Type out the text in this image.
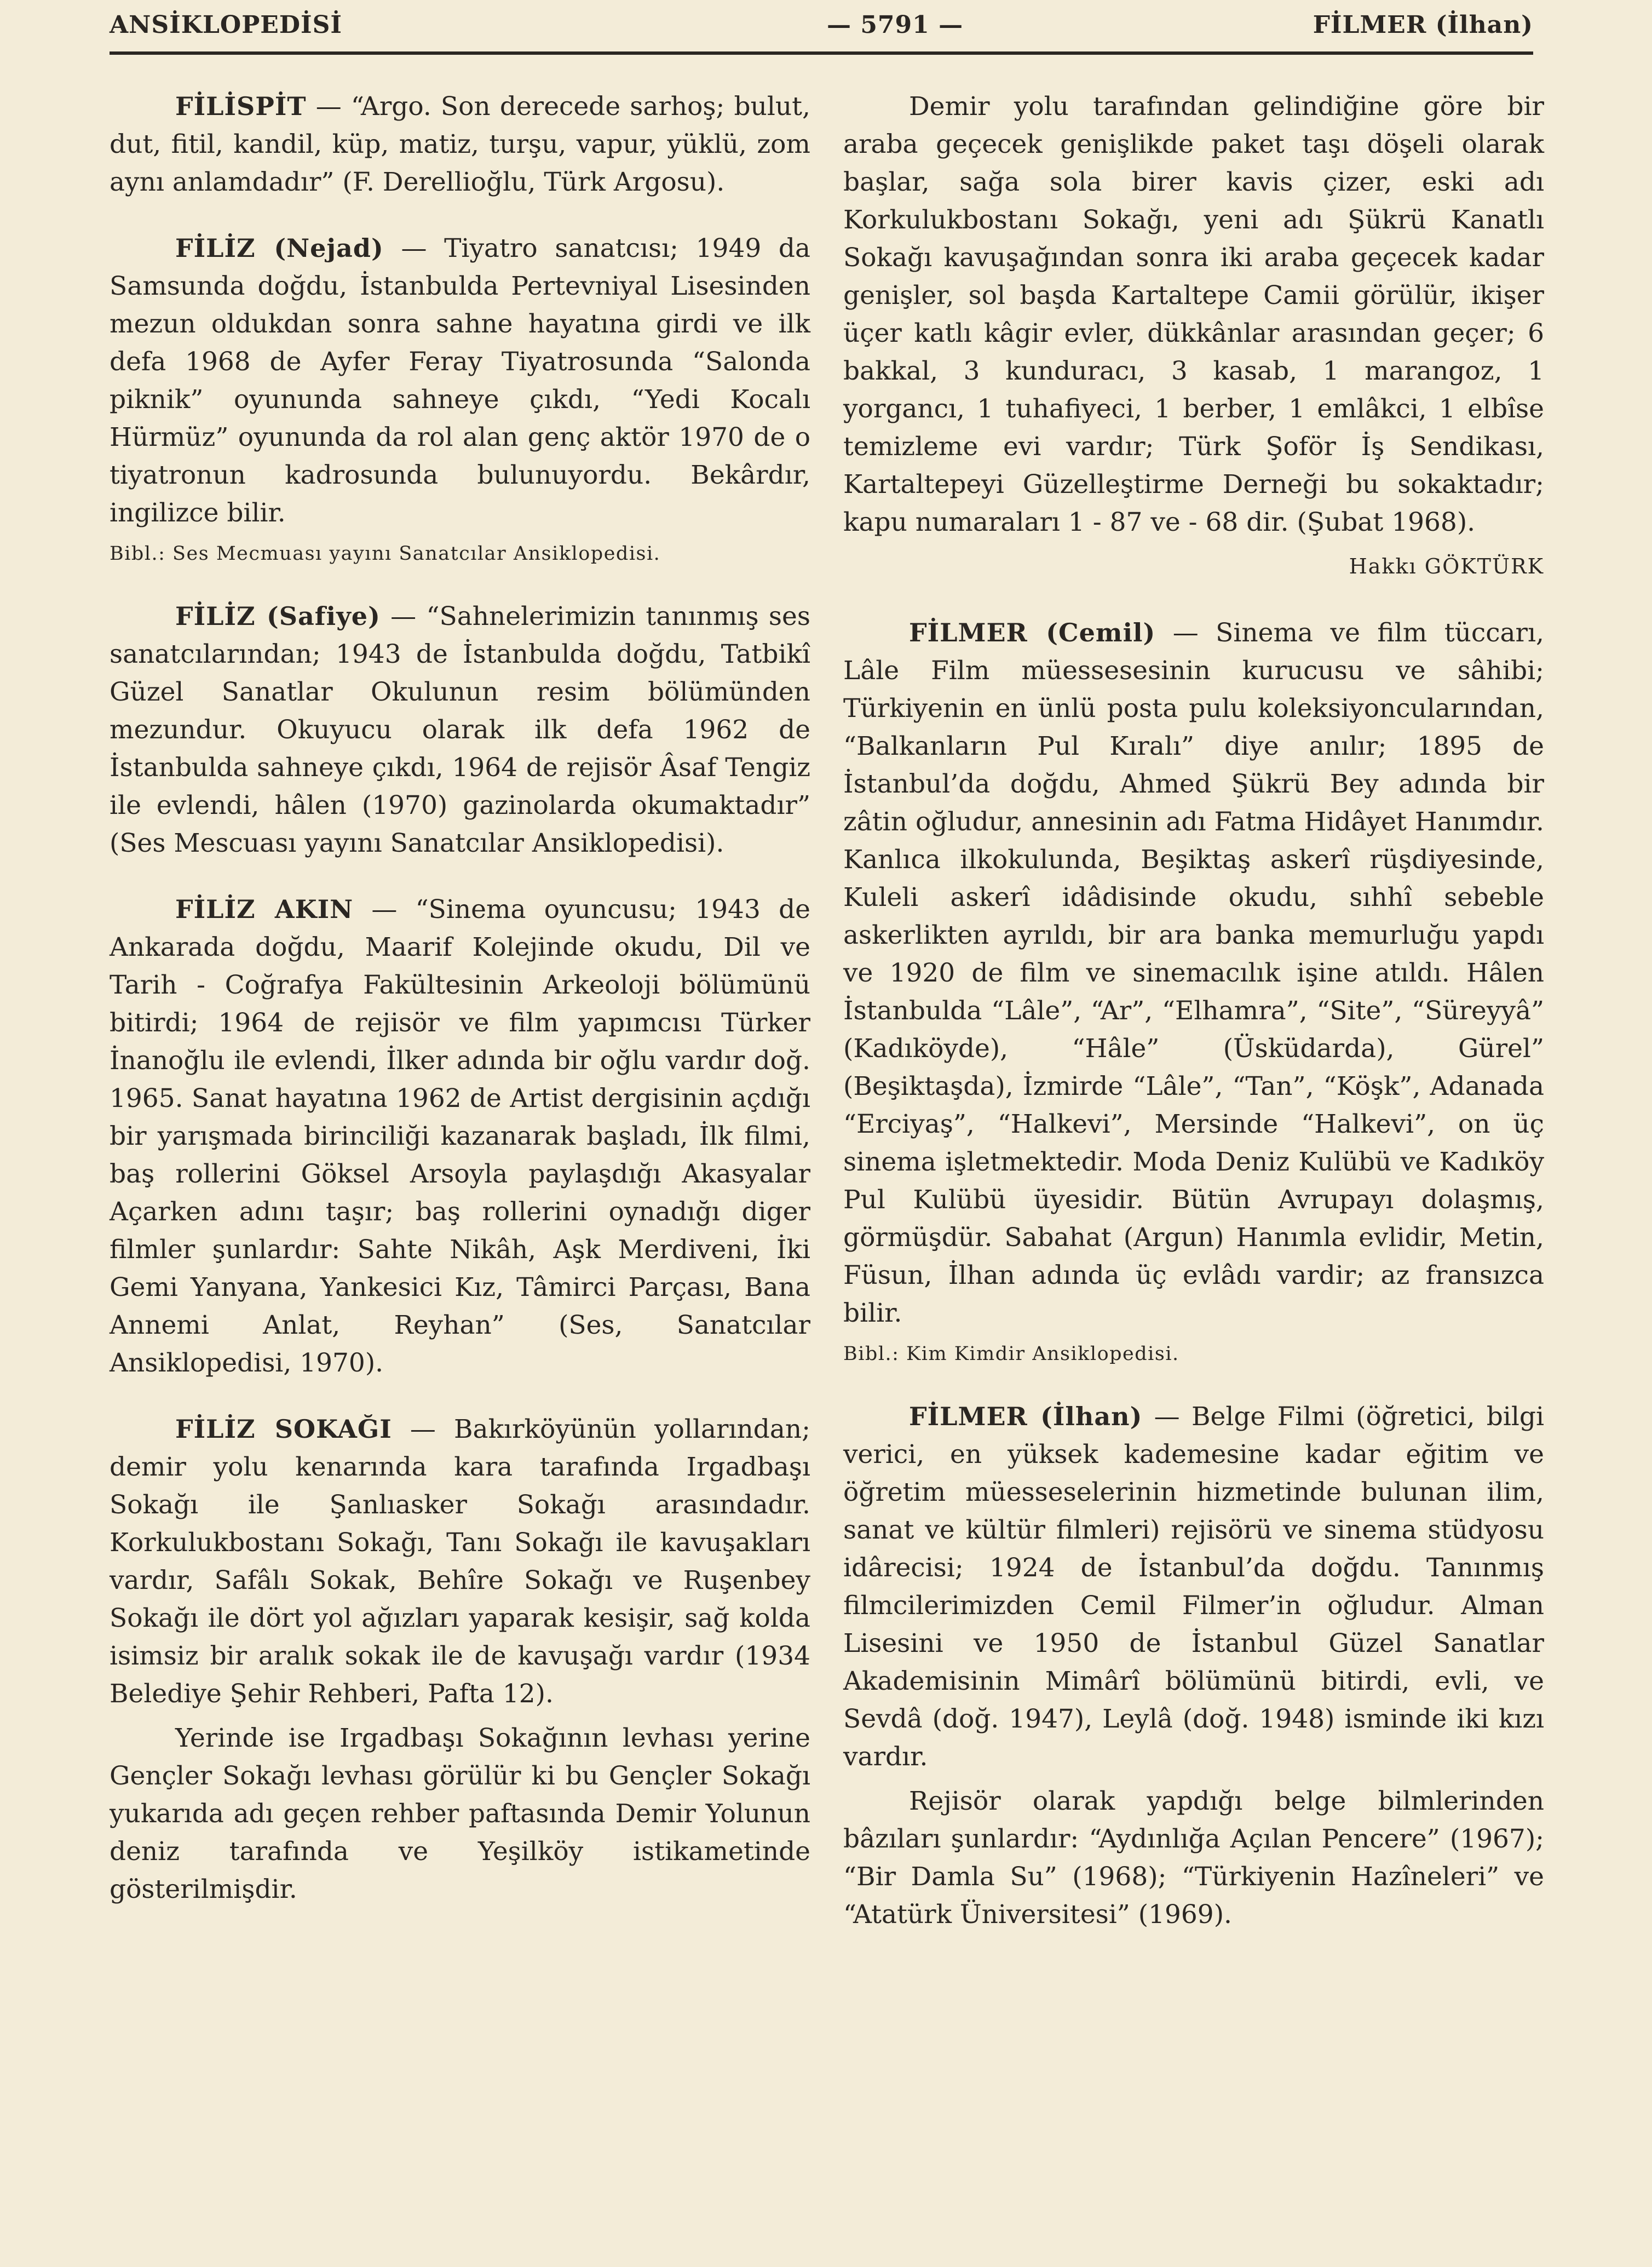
ANSİKLOPEDİSİ	— 5791 —	FİLMER (İlhan)

FİLİSPİT — “Argo. Son derecede sarhoş; bulut, dut, fitil, kandil, küp, matiz, turşu, vapur, yüklü, zom aynı anlamdadır” (F. Derellioğlu, Türk Argosu).

FİLİZ (Nejad) — Tiyatro sanatcısı; 1949 da Samsunda doğdu, İstanbulda Pertevniyal Lisesinden mezun oldukdan sonra sahne hayatına girdi ve ilk defa 1968 de Ayfer Feray Tiyatrosunda “Salonda piknik” oyununda sahneye çıkdı, “Yedi Kocalı Hürmüz” oyununda da rol alan genç aktör 1970 de o tiyatronun kadrosunda bulunuyordu. Bekârdır, ingilizce bilir.

Bibl.: Ses Mecmuası yayını Sanatcılar Ansiklopedisi.

FİLİZ (Safiye) — “Sahnelerimizin tanınmış ses sanatcılarından; 1943 de İstanbulda doğdu, Tatbikî Güzel Sanatlar Okulunun resim bölümünden mezundur. Okuyucu olarak ilk defa 1962 de İstanbulda sahneye çıkdı, 1964 de rejisör Âsaf Tengiz ile evlendi, hâlen (1970) gazinolarda okumaktadır” (Ses Mescuası yayını Sanatcılar Ansiklopedisi).

FİLİZ AKIN — “Sinema oyuncusu; 1943 de Ankarada doğdu, Maarif Kolejinde okudu, Dil ve Tarih - Coğrafya Fakültesinin Arkeoloji bölümünü bitirdi; 1964 de rejisör ve film yapımcısı Türker İnanoğlu ile evlendi, İlker adında bir oğlu vardır doğ. 1965. Sanat hayatına 1962 de Artist dergisinin açdığı bir yarışmada birinciliği kazanarak başladı, İlk filmi, baş rollerini Göksel Arsoyla paylaşdığı Akasyalar Açarken adını taşır; baş rollerini oynadığı diger filmler şunlardır: Sahte Nikâh, Aşk Merdiveni, İki Gemi Yanyana, Yankesici Kız, Tâmirci Parçası, Bana Annemi Anlat, Reyhan” (Ses, Sanatcılar Ansiklopedisi, 1970).

FİLİZ SOKAĞI — Bakırköyünün yollarından; demir yolu kenarında kara tarafında Irgadbaşı Sokağı ile Şanlıasker Sokağı arasındadır. Korkulukbostanı Sokağı, Tanı Sokağı ile kavuşakları vardır, Safâlı Sokak, Behîre Sokağı ve Ruşenbey Sokağı ile dört yol ağızları yaparak kesişir, sağ kolda isimsiz bir aralık sokak ile de kavuşağı vardır (1934 Belediye Şehir Rehberi, Pafta 12).

Yerinde ise Irgadbaşı Sokağının levhası yerine Gençler Sokağı levhası görülür ki bu Gençler Sokağı yukarıda adı geçen rehber paftasında Demir Yolunun deniz tarafında ve Yeşilköy istikametinde gösterilmişdir.

Demir yolu tarafından gelindiğine göre bir araba geçecek genişlikde paket taşı döşeli olarak başlar, sağa sola birer kavis çizer, eski adı Korkulukbostanı Sokağı, yeni adı Şükrü Kanatlı Sokağı kavuşağından sonra iki araba geçecek kadar genişler, sol başda Kartaltepe Camii görülür, ikişer üçer katlı kâgir evler, dükkânlar arasından geçer; 6 bakkal, 3 kunduracı, 3 kasab, 1 marangoz, 1 yorgancı, 1 tuhafiyeci, 1 berber, 1 emlâkci, 1 elbîse temizleme evi vardır; Türk Şoför İş Sendikası, Kartaltepeyi Güzelleştirme Derneği bu sokaktadır; kapu numaraları 1 - 87 ve - 68 dir. (Şubat 1968).

Hakkı GÖKTÜRK

FİLMER (Cemil) — Sinema ve film tüccarı, Lâle Film müessesesinin kurucusu ve sâhibi; Türkiyenin en ünlü posta pulu koleksiyoncularından, “Balkanların Pul Kıralı” diye anılır; 1895 de İstanbul’da doğdu, Ahmed Şükrü Bey adında bir zâtin oğludur, annesinin adı Fatma Hidâyet Hanımdır. Kanlıca ilkokulunda, Beşiktaş askerî rüşdiyesinde, Kuleli askerî idâdisinde okudu, sıhhî sebeble askerlikten ayrıldı, bir ara banka memurluğu yapdı ve 1920 de film ve sinemacılık işine atıldı. Hâlen İstanbulda “Lâle”, “Ar”, “Elhamra”, “Site”, “Süreyyâ” (Kadıköyde), “Hâle” (Üsküdarda), Gürel” (Beşiktaşda), İzmirde “Lâle”, “Tan”, “Köşk”, Adanada “Erciyaş”, “Halkevi”, Mersinde “Halkevi”, on üç sinema işletmektedir. Moda Deniz Kulübü ve Kadıköy Pul Kulübü üyesidir. Bütün Avrupayı dolaşmış, görmüşdür. Sabahat (Argun) Hanımla evlidir, Metin, Füsun, İlhan adında üç evlâdı vardir; az fransızca bilir.

Bibl.: Kim Kimdir Ansiklopedisi.

FİLMER (İlhan) — Belge Filmi (öğretici, bilgi verici, en yüksek kademesine kadar eğitim ve öğretim müesseselerinin hizmetinde bulunan ilim, sanat ve kültür filmleri) rejisörü ve sinema stüdyosu idârecisi; 1924 de İstanbul’da doğdu. Tanınmış filmcilerimizden Cemil Filmer’in oğludur. Alman Lisesini ve 1950 de İstanbul Güzel Sanatlar Akademisinin Mimârî bölümünü bitirdi, evli, ve Sevdâ (doğ. 1947), Leylâ (doğ. 1948) isminde iki kızı vardır.

Rejisör olarak yapdığı belge bilmlerinden bâzıları şunlardır: “Aydınlığa Açılan Pencere” (1967); “Bir Damla Su” (1968); “Türkiyenin Hazîneleri” ve “Atatürk Üniversitesi” (1969).
